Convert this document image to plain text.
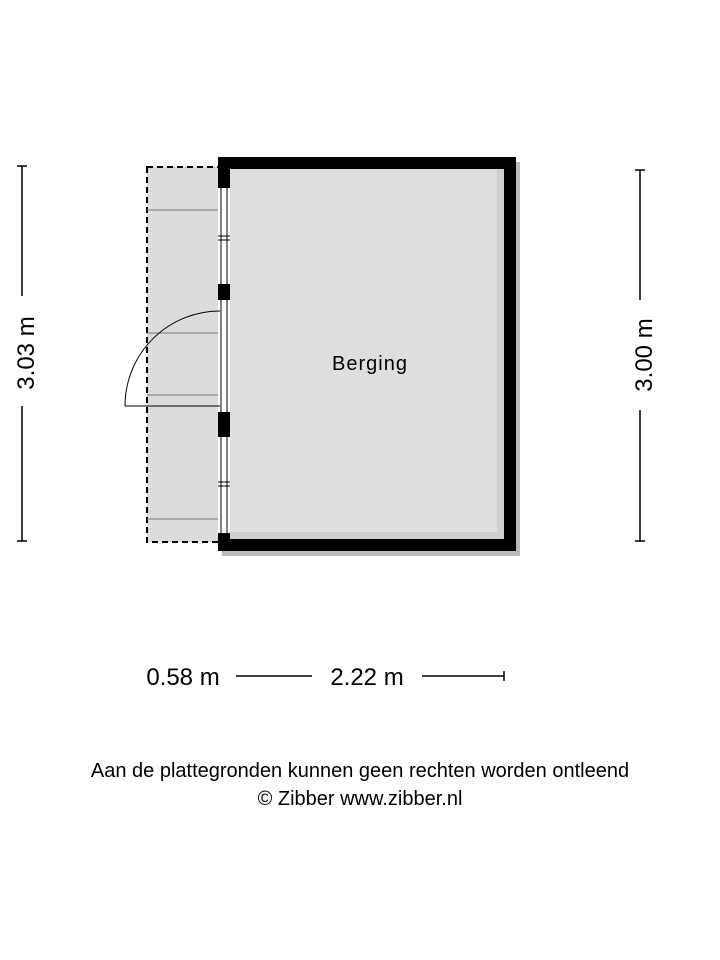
Berging
3.03 m	3.00 m
0.58 m	2.22 m
Aan de plattegronden kunnen geen rechten worden ontleend
© Zibber www.zibber.nl
